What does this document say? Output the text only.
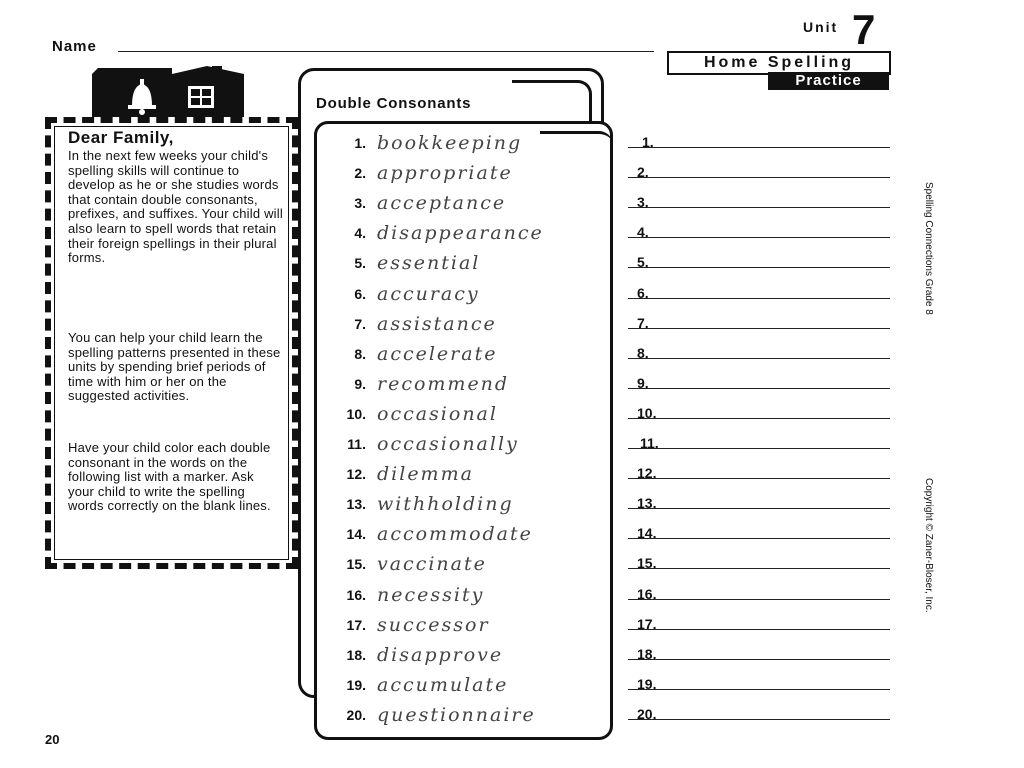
Name
Unit 7
Home Spelling
Practice
Dear Family,
In the next few weeks your child's spelling skills will continue to develop as he or she studies words that contain double consonants, prefixes, and suffixes. Your child will also learn to spell words that retain their foreign spellings in their plural forms.
You can help your child learn the spelling patterns presented in these units by spending brief periods of time with him or her on the suggested activities.
Have your child color each double consonant in the words on the following list with a marker. Ask your child to write the spelling words correctly on the blank lines.
Double Consonants
1. bookkeeping
2. appropriate
3. acceptance
4. disappearance
5. essential
6. accuracy
7. assistance
8. accelerate
9. recommend
10. occasional
11. occasionally
12. dilemma
13. withholding
14. accommodate
15. vaccinate
16. necessity
17. successor
18. disapprove
19. accumulate
20. questionnaire
1.
2.
3.
4.
5.
6.
7.
8.
9.
10.
11.
12.
13.
14.
15.
16.
17.
18.
19.
20.
Spelling Connections Grade 8
Copyright © Zaner-Bloser, Inc.
20
